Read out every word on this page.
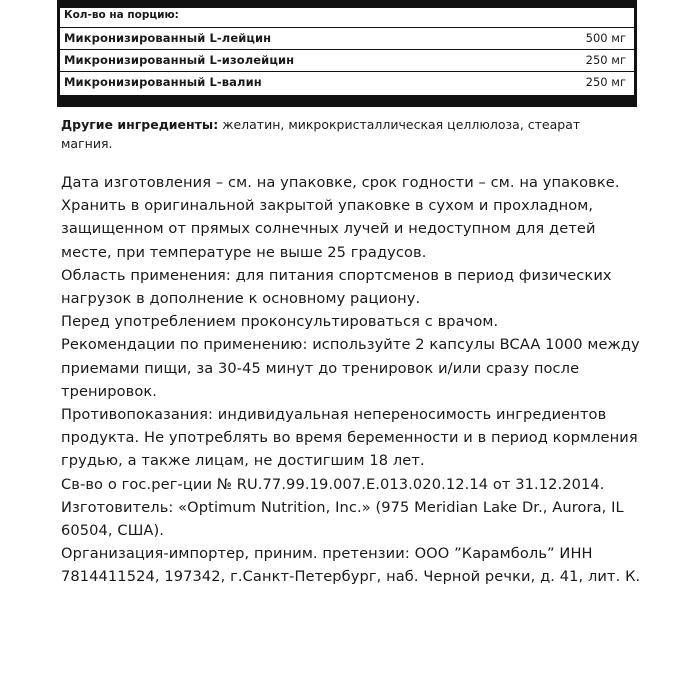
Кол-во на порцию:
Микронизированный L-лейцин	500 мг
Микронизированный L-изолейцин	250 мг
Микронизированный L-валин	250 мг
Другие ингредиенты: желатин, микрокристаллическая целлюлоза, стеарат магния.

Дата изготовления – см. на упаковке, срок годности – см. на упаковке. Хранить в оригинальной закрытой упаковке в сухом и прохладном, защищенном от прямых солнечных лучей и недоступном для детей месте, при температуре не выше 25 градусов.

Область применения: для питания спортсменов в период физических нагрузок в дополнение к основному рациону.

Перед употреблением проконсультироваться с врачом.

Рекомендации по применению: используйте 2 капсулы BCAA 1000 между приемами пищи, за 30-45 минут до тренировок и/или сразу после тренировок.

Противопоказания: индивидуальная непереносимость ингредиентов продукта. Не употреблять во время беременности и в период кормления грудью, а также лицам, не достигшим 18 лет.

Св-во о гос.рег-ции № RU.77.99.19.007.Е.013.020.12.14 от 31.12.2014. Изготовитель: «Optimum Nutrition, Inc.» (975 Meridian Lake Dr., Aurora, IL 60504, США).

Организация-импортер, приним. претензии: ООО ”Карамболь” ИНН 7814411524, 197342, г.Санкт-Петербург, наб. Черной речки, д. 41, лит. К.
